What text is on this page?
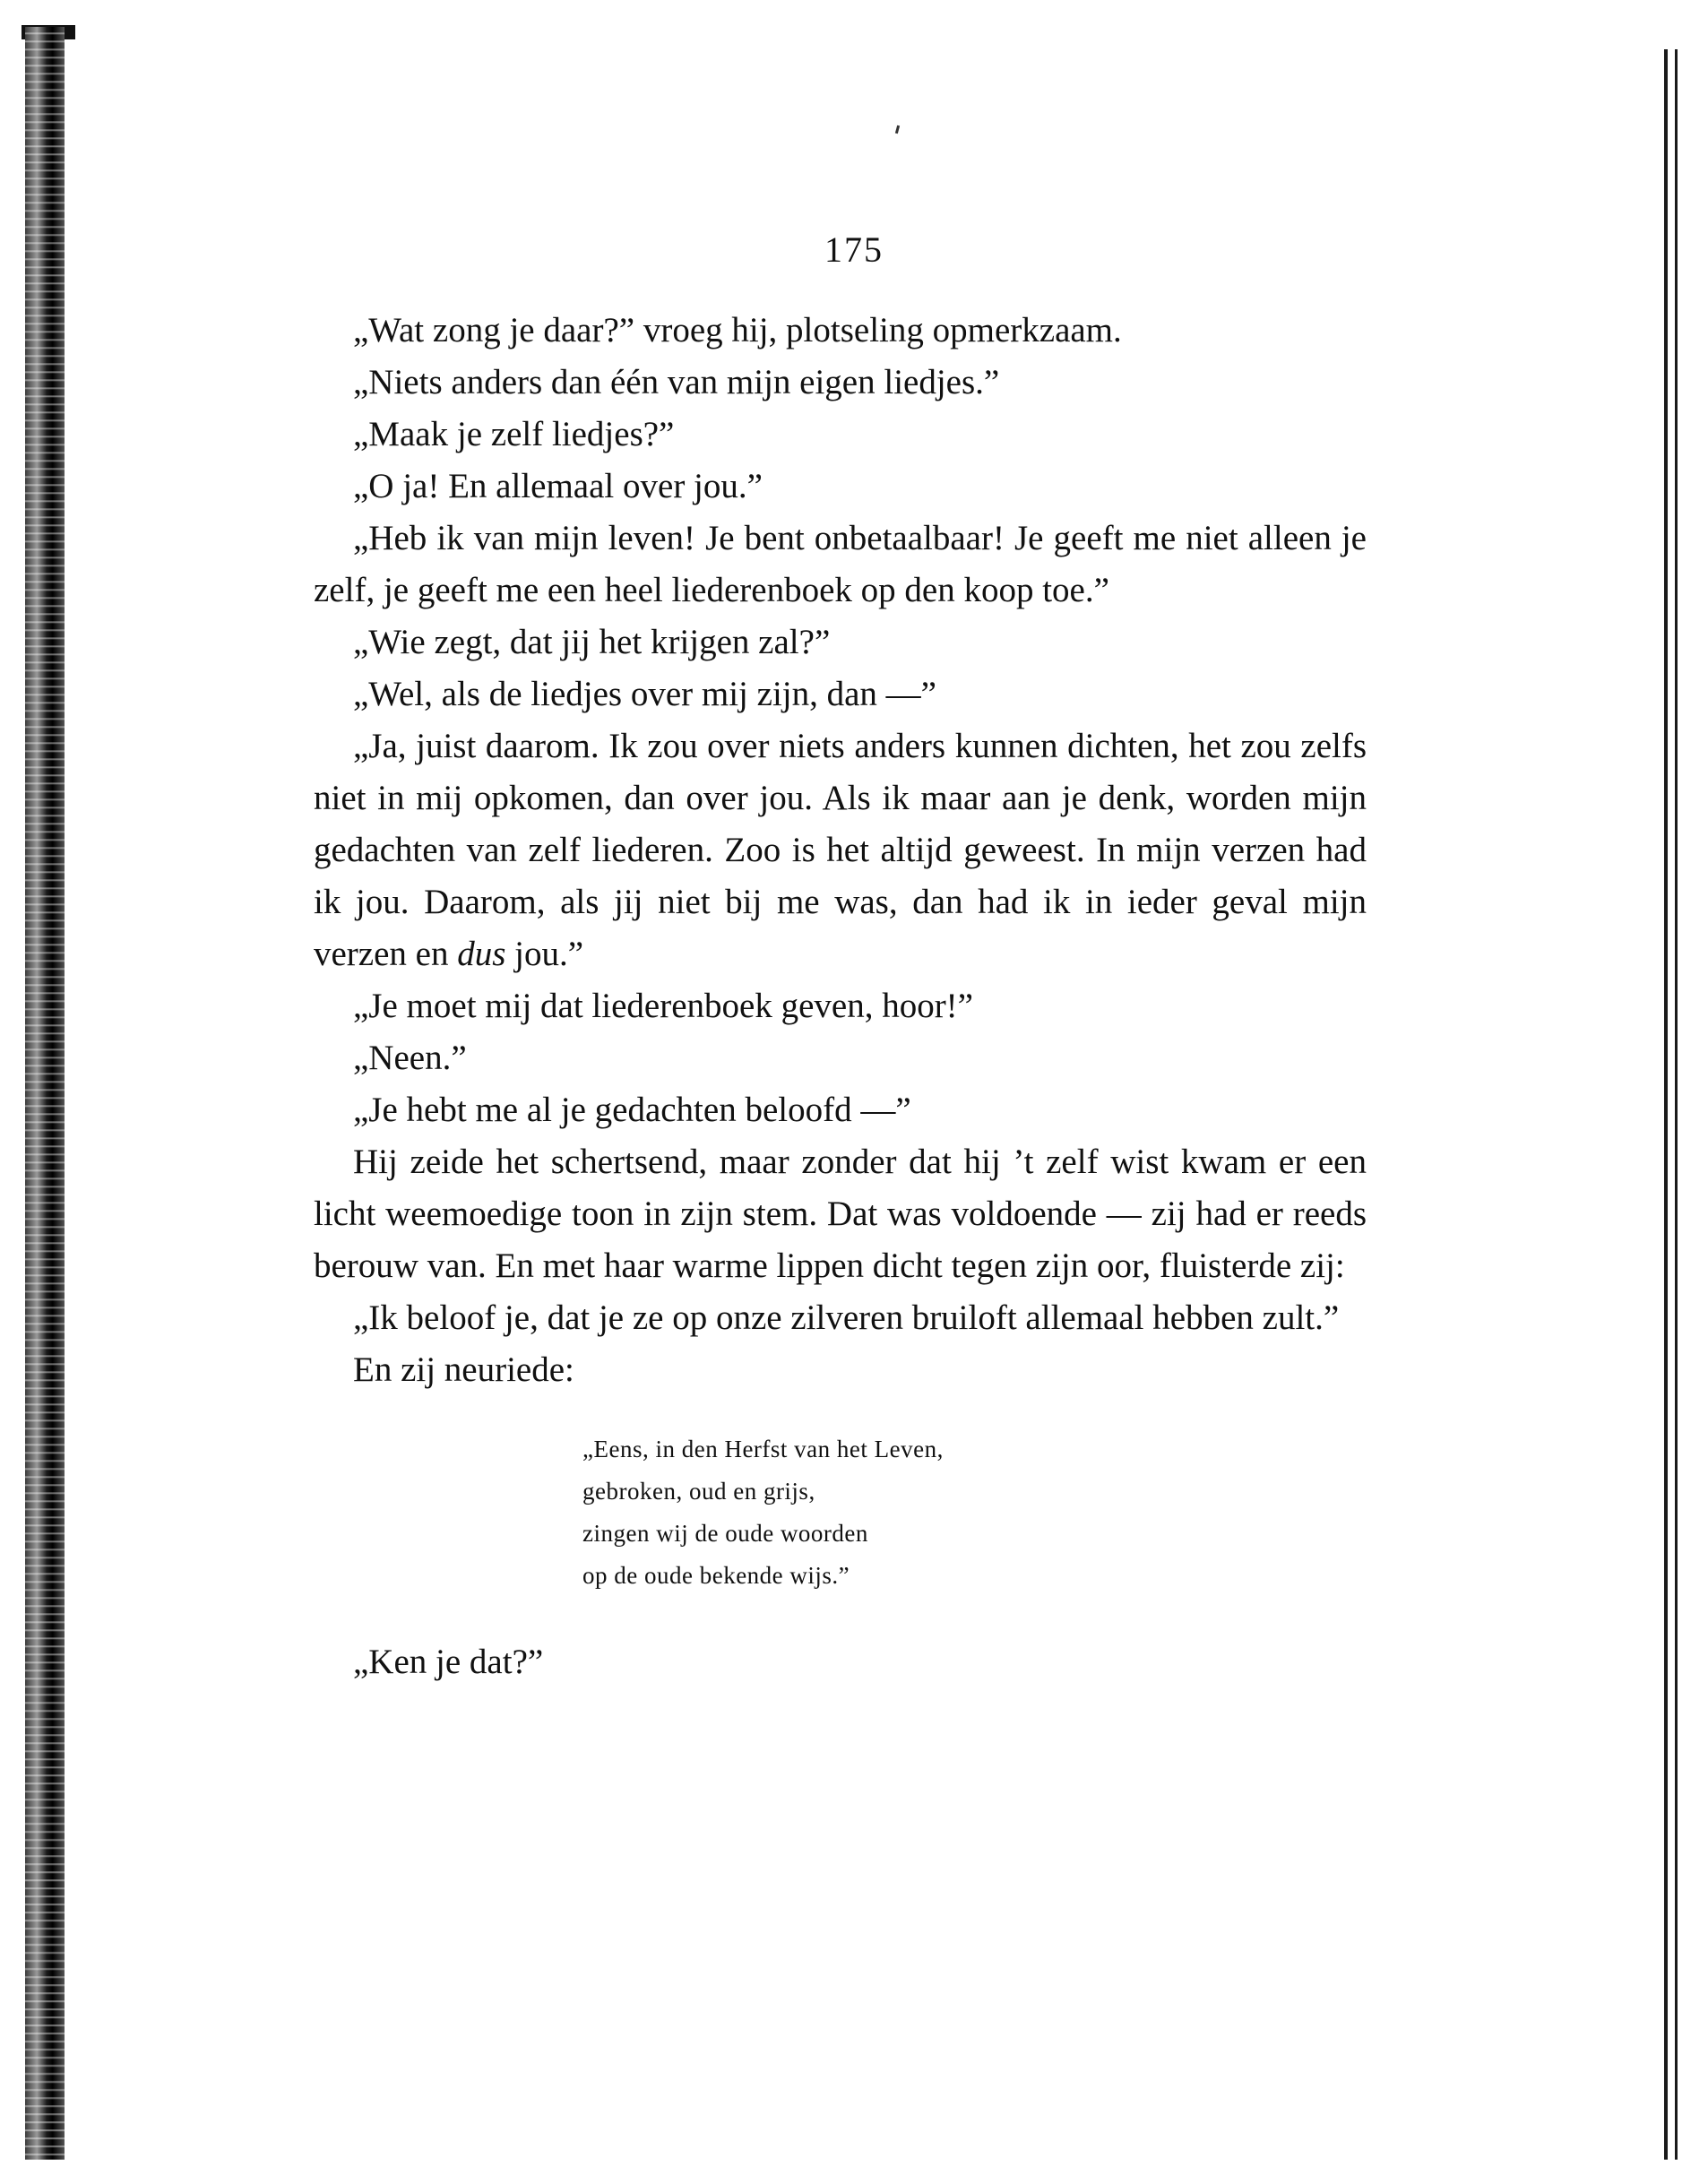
175

„Wat zong je daar?” vroeg hij, plotseling opmerkzaam.

„Niets anders dan één van mijn eigen liedjes.”

„Maak je zelf liedjes?”

„O ja! En allemaal over jou.”

„Heb ik van mijn leven! Je bent onbetaalbaar! Je geeft me niet alleen je zelf, je geeft me een heel liederenboek op den koop toe.”

„Wie zegt, dat jij het krijgen zal?”

„Wel, als de liedjes over mij zijn, dan —”

„Ja, juist daarom. Ik zou over niets anders kunnen dichten, het zou zelfs niet in mij opkomen, dan over jou. Als ik maar aan je denk, worden mijn gedachten van zelf liederen. Zoo is het altijd geweest. In mijn verzen had ik jou. Daarom, als jij niet bij me was, dan had ik in ieder geval mijn verzen en dus jou.”

„Je moet mij dat liederenboek geven, hoor!”

„Neen.”

„Je hebt me al je gedachten beloofd —”

Hij zeide het schertsend, maar zonder dat hij ’t zelf wist kwam er een licht weemoedige toon in zijn stem. Dat was voldoende — zij had er reeds berouw van. En met haar warme lippen dicht tegen zijn oor, fluisterde zij:

„Ik beloof je, dat je ze op onze zilveren bruiloft allemaal hebben zult.”

En zij neuriede:

„Eens, in den Herfst van het Leven,
gebroken, oud en grijs,
zingen wij de oude woorden
op de oude bekende wijs.”

„Ken je dat?”
